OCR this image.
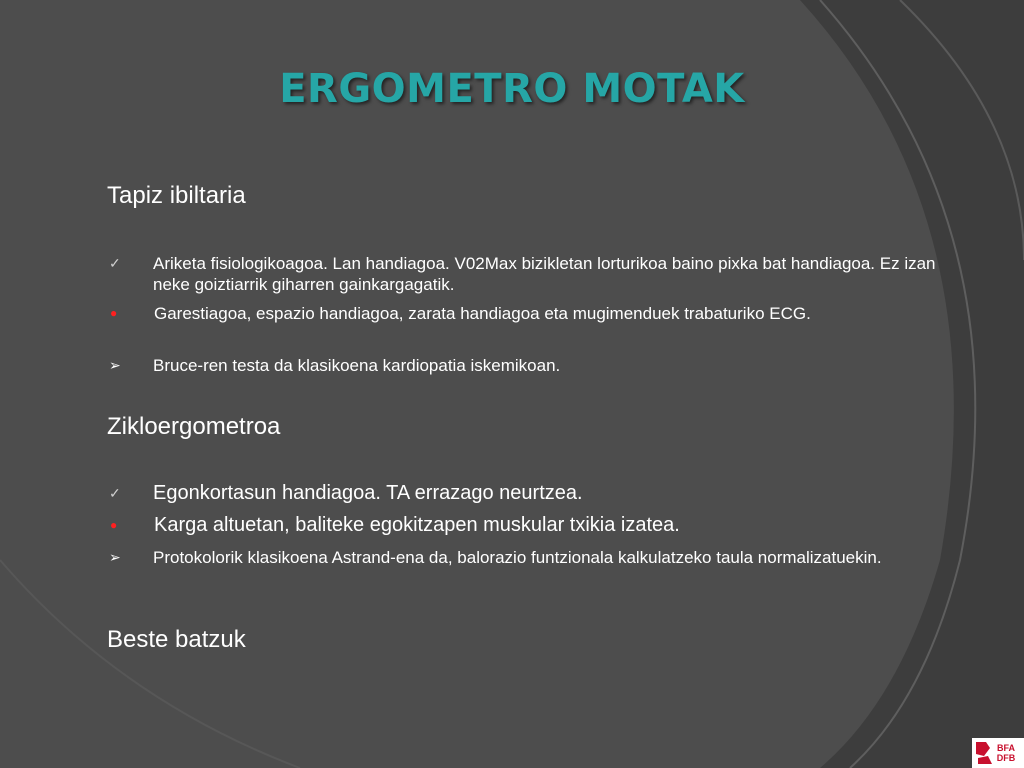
ERGOMETRO MOTAK
Tapiz ibiltaria
✓	Ariketa fisiologikoagoa. Lan handiagoa. V02Max bizikletan lorturikoa baino pixka bat handiagoa. Ez izan neke goiztiarrik giharren gainkargagatik.
●	Garestiagoa, espazio handiagoa, zarata handiagoa eta mugimenduek trabaturiko ECG.
➢	Bruce-ren testa da klasikoena kardiopatia iskemikoan.
Zikloergometroa
✓	Egonkortasun handiagoa. TA errazago neurtzea.
●	Karga altuetan, baliteke egokitzapen muskular txikia izatea.
➢	Protokolorik klasikoena Astrand-ena da, balorazio funtzionala kalkulatzeko taula normalizatuekin.
Beste batzuk
BFA
DFB
